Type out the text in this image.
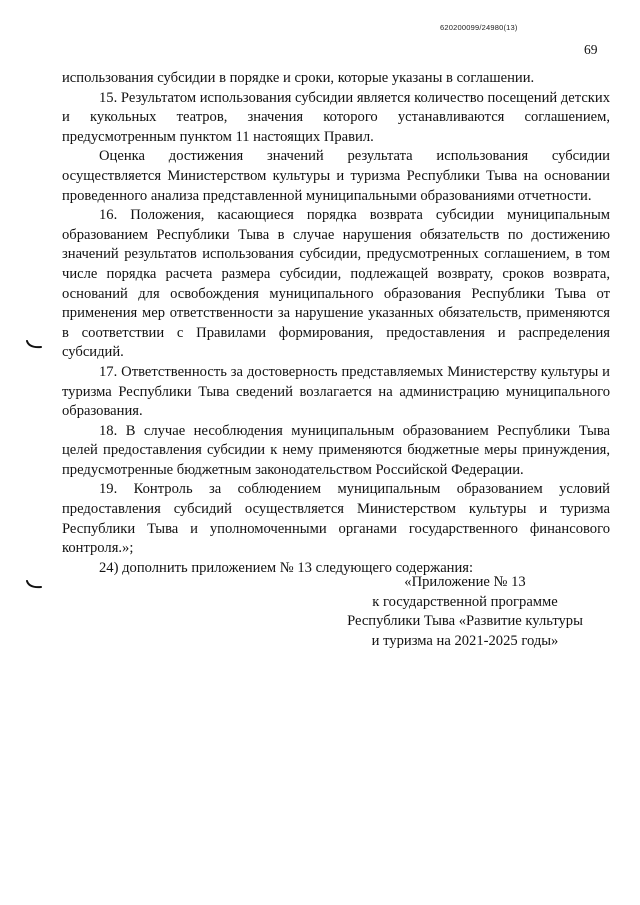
620200099/24980(13)
69

использования субсидии в порядке и сроки, которые указаны в соглашении.

15. Результатом использования субсидии является количество посещений детских и кукольных театров, значения которого устанавливаются соглашением, предусмотренным пунктом 11 настоящих Правил.

Оценка достижения значений результата использования субсидии осуществляется Министерством культуры и туризма Республики Тыва на основании проведенного анализа представленной муниципальными образованиями отчетности.

16. Положения, касающиеся порядка возврата субсидии муниципальным образованием Республики Тыва в случае нарушения обязательств по достижению значений результатов использования субсидии, предусмотренных соглашением, в том числе порядка расчета размера субсидии, подлежащей возврату, сроков возврата, оснований для освобождения муниципального образования Республики Тыва от применения мер ответственности за нарушение указанных обязательств, применяются в соответствии с Правилами формирования, предоставления и распределения субсидий.

17. Ответственность за достоверность представляемых Министерству культуры и туризма Республики Тыва сведений возлагается на администрацию муниципального образования.

18. В случае несоблюдения муниципальным образованием Республики Тыва целей предоставления субсидии к нему применяются бюджетные меры принуждения, предусмотренные бюджетным законодательством Российской Федерации.

19. Контроль за соблюдением муниципальным образованием условий предоставления субсидий осуществляется Министерством культуры и туризма Республики Тыва и уполномоченными органами государственного финансового контроля.»;

24) дополнить приложением № 13 следующего содержания:

«Приложение № 13
к государственной программе
Республики Тыва «Развитие культуры
и туризма на 2021-2025 годы»
